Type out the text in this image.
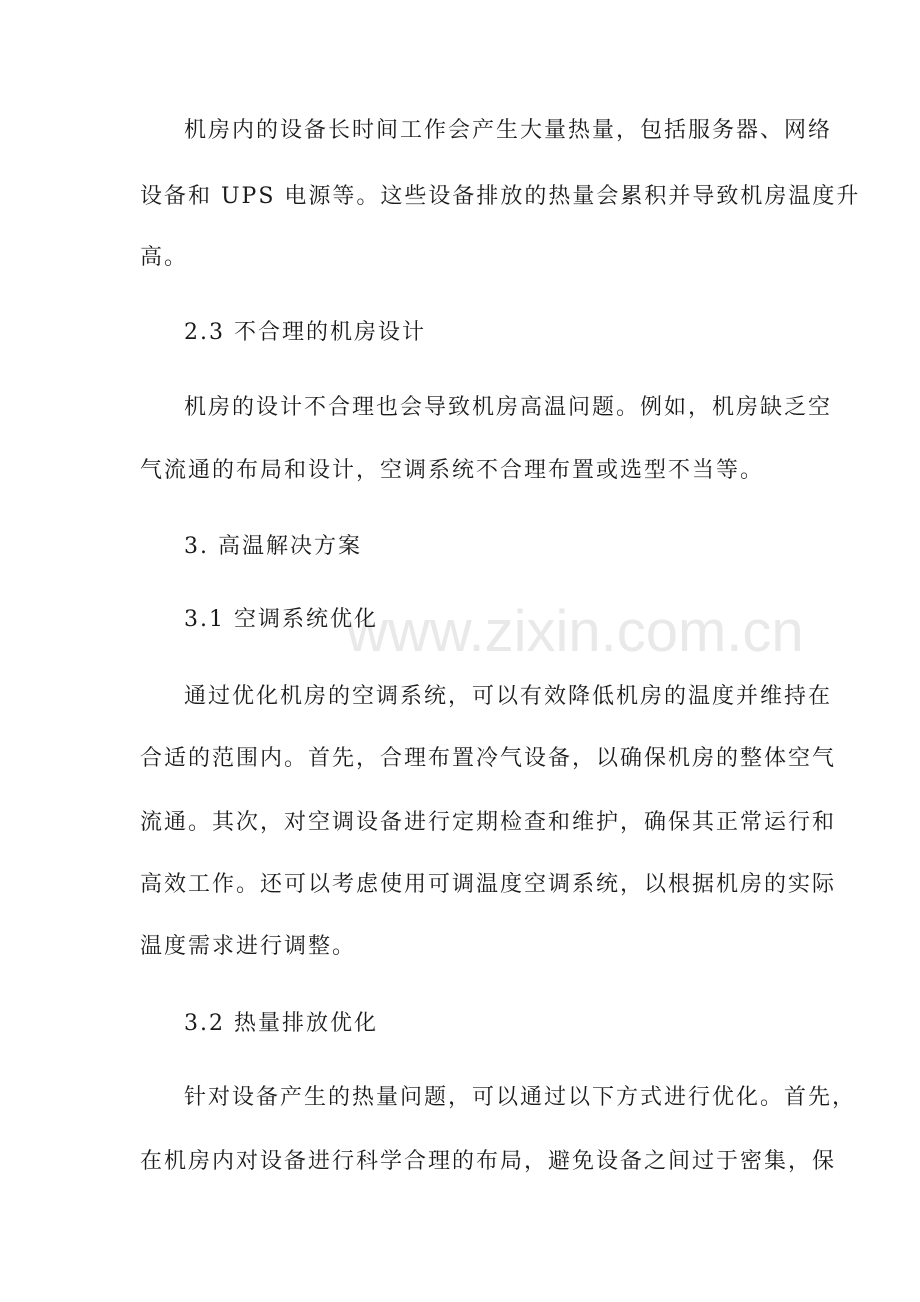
www.zixin.com.cn
机房内的设备长时间工作会产生大量热量，包括服务器、网络
设备和 UPS 电源等。这些设备排放的热量会累积并导致机房温度升
高。
2.3 不合理的机房设计
机房的设计不合理也会导致机房高温问题。例如，机房缺乏空
气流通的布局和设计，空调系统不合理布置或选型不当等。
3. 高温解决方案
3.1 空调系统优化
通过优化机房的空调系统，可以有效降低机房的温度并维持在
合适的范围内。首先，合理布置冷气设备，以确保机房的整体空气
流通。其次，对空调设备进行定期检查和维护，确保其正常运行和
高效工作。还可以考虑使用可调温度空调系统，以根据机房的实际
温度需求进行调整。
3.2 热量排放优化
针对设备产生的热量问题，可以通过以下方式进行优化。首先，
在机房内对设备进行科学合理的布局，避免设备之间过于密集，保
